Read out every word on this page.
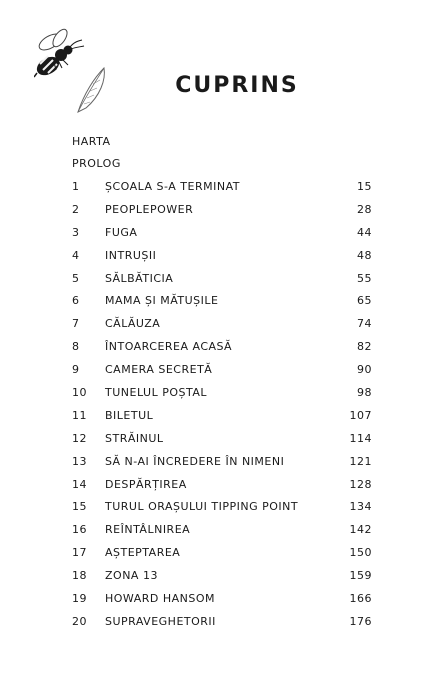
CUPRINS
HARTA
PROLOG
1 ȘCOALA S-A TERMINAT	15
2 PEOPLEPOWER	28
3 FUGA	44
4 INTRUȘII	48
5 SĂLBĂTICIA	55
6 MAMA ȘI MĂTUȘILE	65
7 CĂLĂUZA	74
8 ÎNTOARCEREA ACASĂ	82
9 CAMERA SECRETĂ	90
10 TUNELUL POȘTAL	98
11 BILETUL	107
12 STRĂINUL	114
13 SĂ N-AI ÎNCREDERE ÎN NIMENI	121
14 DESPĂRȚIREA	128
15 TURUL ORAȘULUI TIPPING POINT	134
16 REÎNTÂLNIREA	142
17 AȘTEPTAREA	150
18 ZONA 13	159
19 HOWARD HANSOM	166
20 SUPRAVEGHETORII	176
